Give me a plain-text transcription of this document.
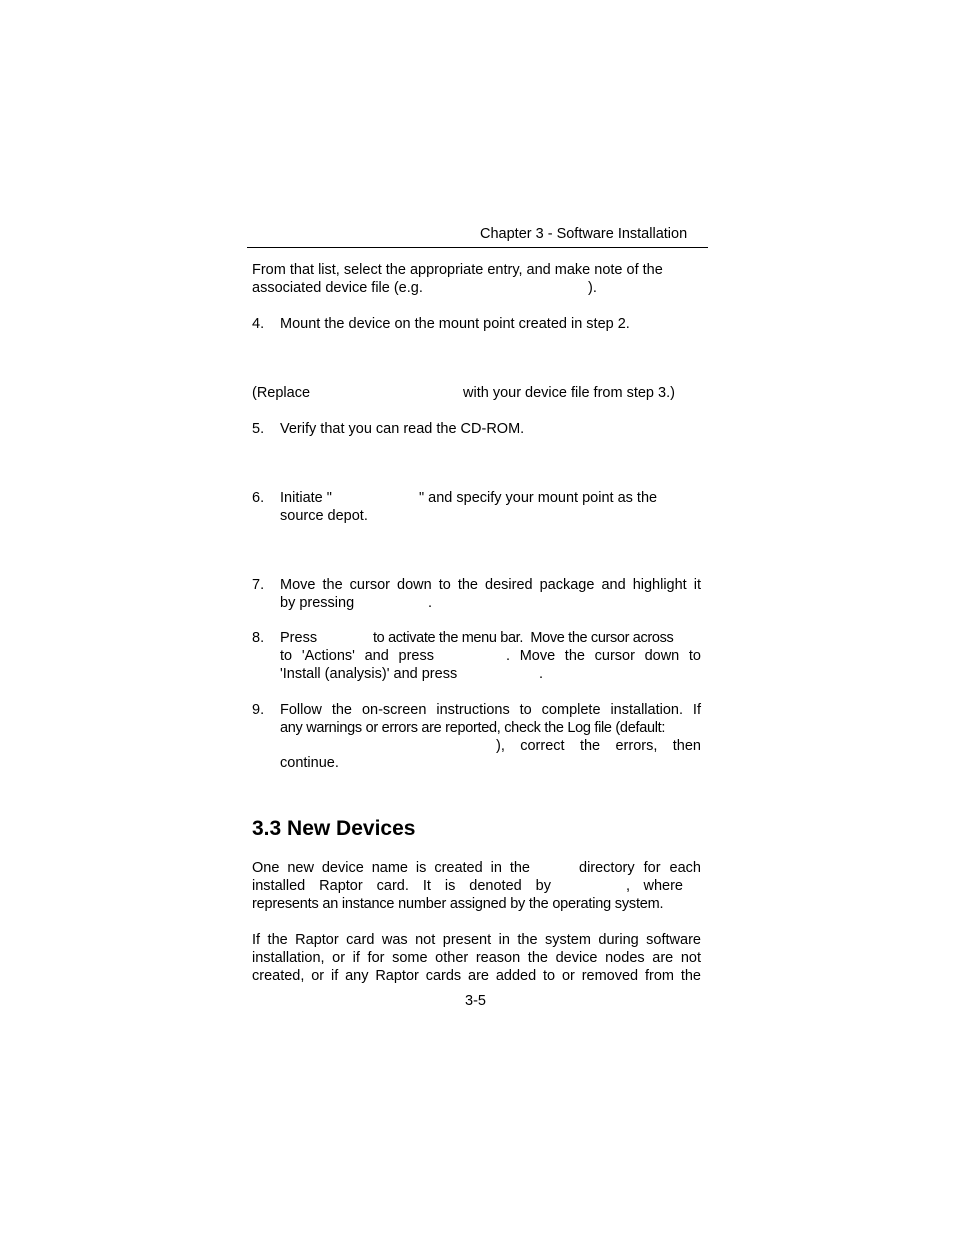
Chapter 3 - Software Installation
From that list, select the appropriate entry, and make note of the
associated device file (e.g.	).
4.	Mount the device on the mount point created in step 2.
(Replace	with your device file from step 3.)
5.	Verify that you can read the CD-ROM.
6.	Initiate "	" and specify your mount point as the
source depot.
7.	Move the cursor down to the desired package and highlight it
by pressing	.
8.	Press	to activate the menu bar.  Move the cursor across
to 'Actions' and press	. Move the cursor down to
'Install (analysis)' and press	.
9.	Follow the on-screen instructions to complete installation. If
any warnings or errors are reported, check the Log file (default:
), correct the errors, then
continue.
3.3 New Devices
One new device name is created in the	directory for each
installed Raptor card. It is denoted by	, where
represents an instance number assigned by the operating system.
If the Raptor card was not present in the system during software
installation, or if for some other reason the device nodes are not
created, or if any Raptor cards are added to or removed from the
3-5
